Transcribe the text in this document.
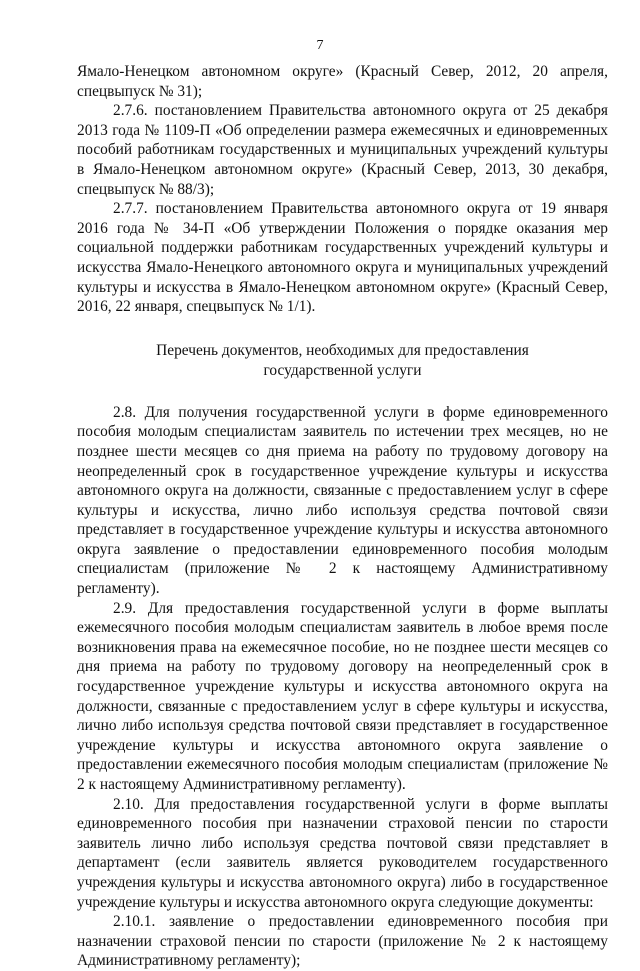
7

Ямало-Ненецком автономном округе» (Красный Север, 2012, 20 апреля, спецвыпуск № 31);

2.7.6. постановлением Правительства автономного округа от 25 декабря 2013 года № 1109-П «Об определении размера ежемесячных и единовременных пособий работникам государственных и муниципальных учреждений культуры в Ямало-Ненецком автономном округе» (Красный Север, 2013, 30 декабря, спецвыпуск № 88/3);

2.7.7. постановлением Правительства автономного округа от 19 января 2016 года № 34-П «Об утверждении Положения о порядке оказания мер социальной поддержки работникам государственных учреждений культуры и искусства Ямало-Ненецкого автономного округа и муниципальных учреждений культуры и искусства в Ямало-Ненецком автономном округе» (Красный Север, 2016, 22 января, спецвыпуск № 1/1).

Перечень документов, необходимых для предоставления
государственной услуги

2.8. Для получения государственной услуги в форме единовременного пособия молодым специалистам заявитель по истечении трех месяцев, но не позднее шести месяцев со дня приема на работу по трудовому договору на неопределенный срок в государственное учреждение культуры и искусства автономного округа на должности, связанные с предоставлением услуг в сфере культуры и искусства, лично либо используя средства почтовой связи представляет в государственное учреждение культуры и искусства автономного округа заявление о предоставлении единовременного пособия молодым специалистам (приложение № 2 к настоящему Административному регламенту).

2.9. Для предоставления государственной услуги в форме выплаты ежемесячного пособия молодым специалистам заявитель в любое время после возникновения права на ежемесячное пособие, но не позднее шести месяцев со дня приема на работу по трудовому договору на неопределенный срок в государственное учреждение культуры и искусства автономного округа на должности, связанные с предоставлением услуг в сфере культуры и искусства, лично либо используя средства почтовой связи представляет в государственное учреждение культуры и искусства автономного округа заявление о предоставлении ежемесячного пособия молодым специалистам (приложение № 2 к настоящему Административному регламенту).

2.10. Для предоставления государственной услуги в форме выплаты единовременного пособия при назначении страховой пенсии по старости заявитель лично либо используя средства почтовой связи представляет в департамент (если заявитель является руководителем государственного учреждения культуры и искусства автономного округа) либо в государственное учреждение культуры и искусства автономного округа следующие документы:

2.10.1. заявление о предоставлении единовременного пособия при назначении страховой пенсии по старости (приложение № 2 к настоящему Административному регламенту);
